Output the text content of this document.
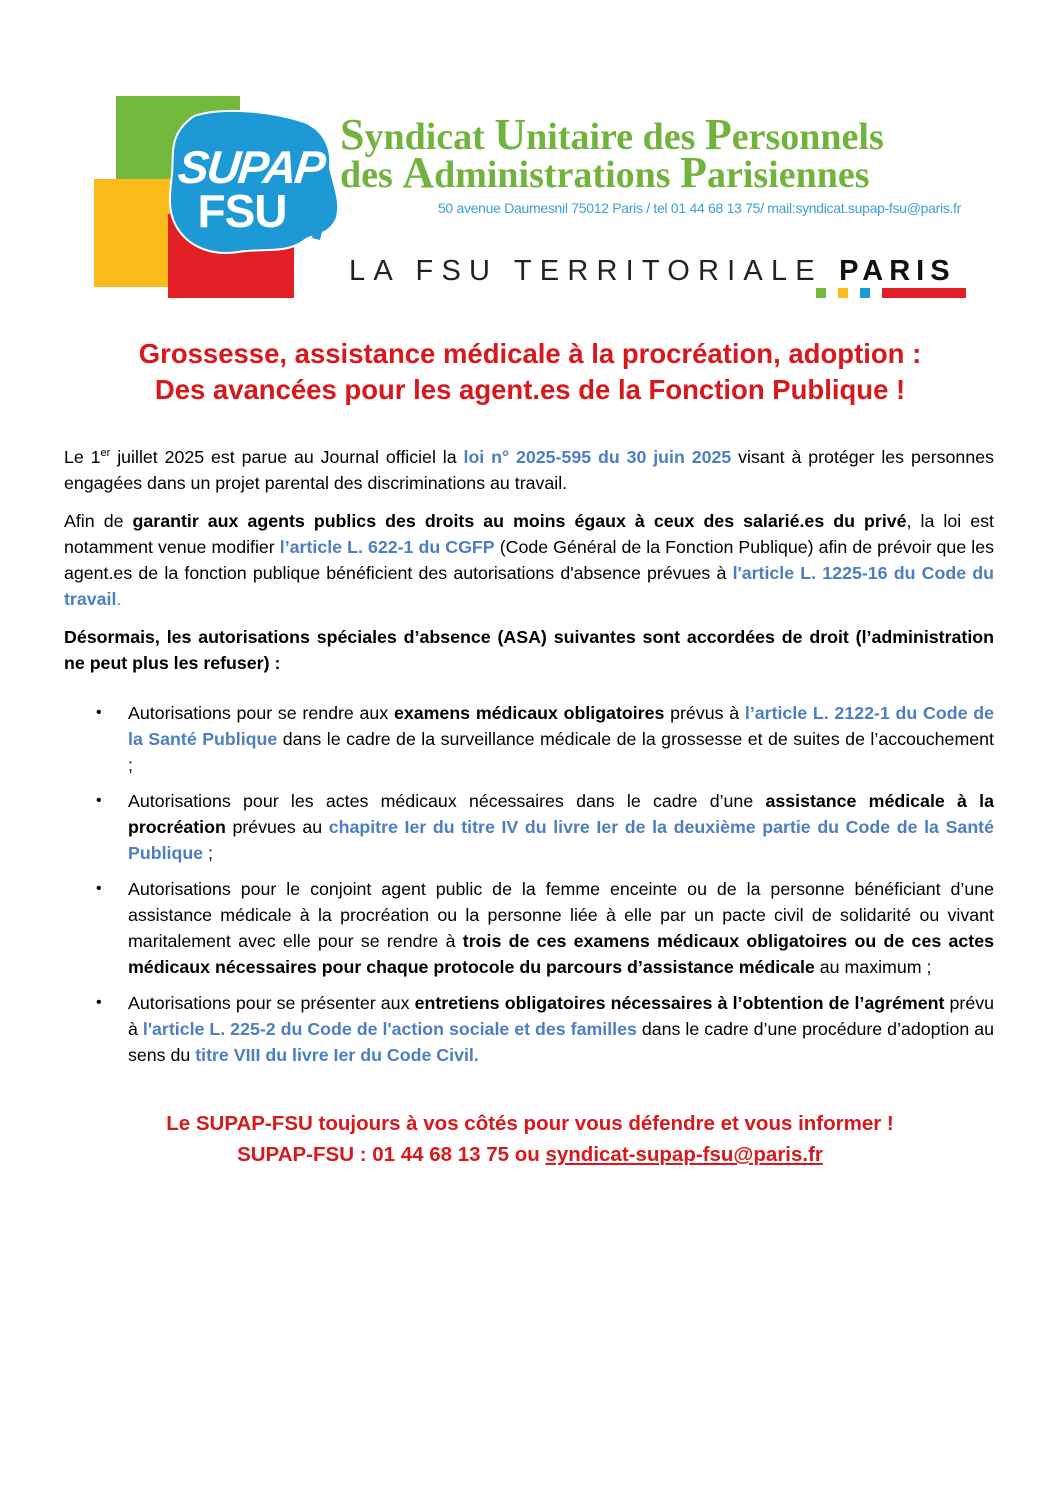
SUPAP
FSU
Syndicat Unitaire des Personnels
des Administrations Parisiennes
50 avenue Daumesnil 75012 Paris / tel 01 44 68 13 75/ mail:syndicat.supap-fsu@paris.fr
LA FSU TERRITORIALE PARIS
Grossesse, assistance médicale à la procréation, adoption :
Des avancées pour les agent.es de la Fonction Publique !

Le 1er juillet 2025 est parue au Journal officiel la loi n° 2025-595 du 30 juin 2025 visant à protéger les personnes engagées dans un projet parental des discriminations au travail.

Afin de garantir aux agents publics des droits au moins égaux à ceux des salarié.es du privé, la loi est notamment venue modifier l’article L. 622-1 du CGFP (Code Général de la Fonction Publique) afin de prévoir que les agent.es de la fonction publique bénéficient des autorisations d'absence prévues à l'article L. 1225-16 du Code du travail.

Désormais, les autorisations spéciales d’absence (ASA) suivantes sont accordées de droit (l’administration ne peut plus les refuser) :

• Autorisations pour se rendre aux examens médicaux obligatoires prévus à l’article L. 2122-1 du Code de la Santé Publique dans le cadre de la surveillance médicale de la grossesse et de suites de l’accouchement ;
• Autorisations pour les actes médicaux nécessaires dans le cadre d’une assistance médicale à la procréation prévues au chapitre Ier du titre IV du livre Ier de la deuxième partie du Code de la Santé Publique ;
• Autorisations pour le conjoint agent public de la femme enceinte ou de la personne bénéficiant d’une assistance médicale à la procréation ou la personne liée à elle par un pacte civil de solidarité ou vivant maritalement avec elle pour se rendre à trois de ces examens médicaux obligatoires ou de ces actes médicaux nécessaires pour chaque protocole du parcours d’assistance médicale au maximum ;
• Autorisations pour se présenter aux entretiens obligatoires nécessaires à l’obtention de l’agrément prévu à l'article L. 225-2 du Code de l'action sociale et des familles dans le cadre d’une procédure d’adoption au sens du titre VIII du livre Ier du Code Civil.
Le SUPAP-FSU toujours à vos côtés pour vous défendre et vous informer !
SUPAP-FSU : 01 44 68 13 75 ou syndicat-supap-fsu@paris.fr
